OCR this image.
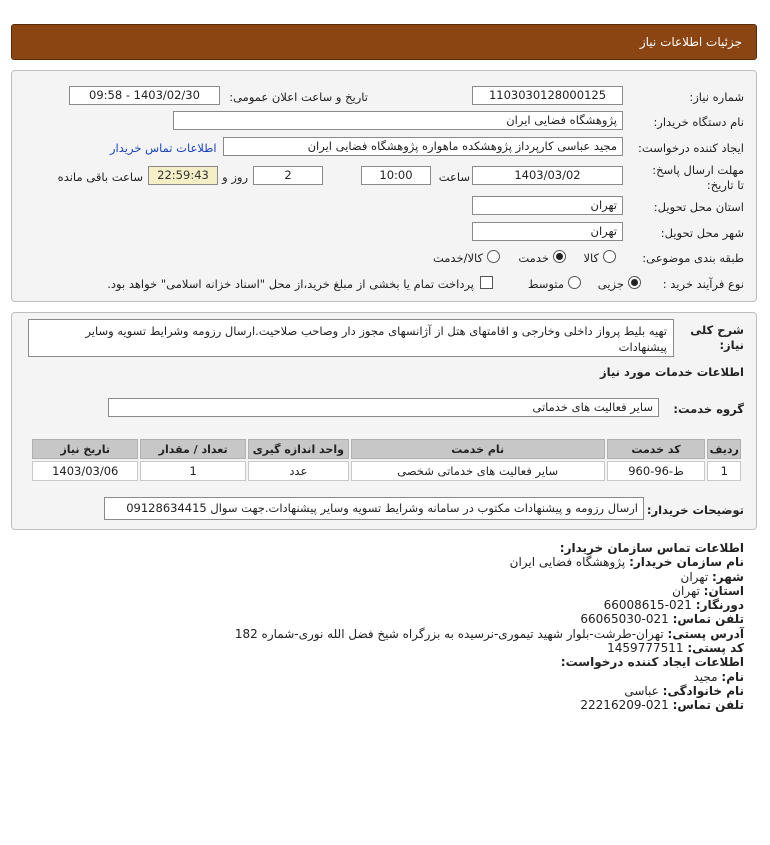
جزئیات اطلاعات نیاز
شماره نیاز:
1103030128000125
تاریخ و ساعت اعلان عمومی:
1403/02/30 - 09:58
نام دستگاه خریدار:
پژوهشگاه فضایی ایران
ایجاد کننده درخواست:
مجید عباسی کارپرداز پژوهشکده ماهواره پژوهشگاه فضایی ایران
اطلاعات تماس خریدار
مهلت ارسال پاسخ: تا تاریخ:
1403/03/02
ساعت
10:00
2
روز و
22:59:43
ساعت باقی مانده
استان محل تحویل:
تهران
شهر محل تحویل:
تهران
طبقه بندی موضوعی:
کالا
خدمت
کالا/خدمت
نوع فرآیند خرید :
جزیی
متوسط
پرداخت تمام یا بخشی از مبلغ خرید،از محل "اسناد خزانه اسلامی" خواهد بود.
شرح کلی نیاز:
تهیه بلیط پرواز داخلی وخارجی و اقامتهای هتل از آژانسهای مجوز دار وصاحب صلاحیت.ارسال رزومه وشرایط تسویه وسایر پیشنهادات
اطلاعات خدمات مورد نیاز
گروه خدمت:
سایر فعالیت های خدماتی
ردیف	کد خدمت	نام خدمت	واحد اندازه گیری	تعداد / مقدار	تاریخ نیاز
1	ط-96-960	سایر فعالیت های خدماتی شخصی	عدد	1	1403/03/06
توضیحات خریدار:
ارسال رزومه و پیشنهادات مکتوب در سامانه وشرایط تسویه وسایر پیشنهادات.جهت سوال 09128634415
اطلاعات تماس سازمان خریدار:
نام سازمان خریدار: پژوهشگاه فضایی ایران
شهر: تهران
استان: تهران
دورنگار: 021-66008615
تلفن تماس: 021-66065030
آدرس پستی: تهران-طرشت-بلوار شهید تیموری-نرسیده به بزرگراه شیخ فضل الله نوری-شماره 182
کد پستی: 1459777511
اطلاعات ایجاد کننده درخواست:
نام: مجید
نام خانوادگی: عباسی
تلفن تماس: 021-22216209
